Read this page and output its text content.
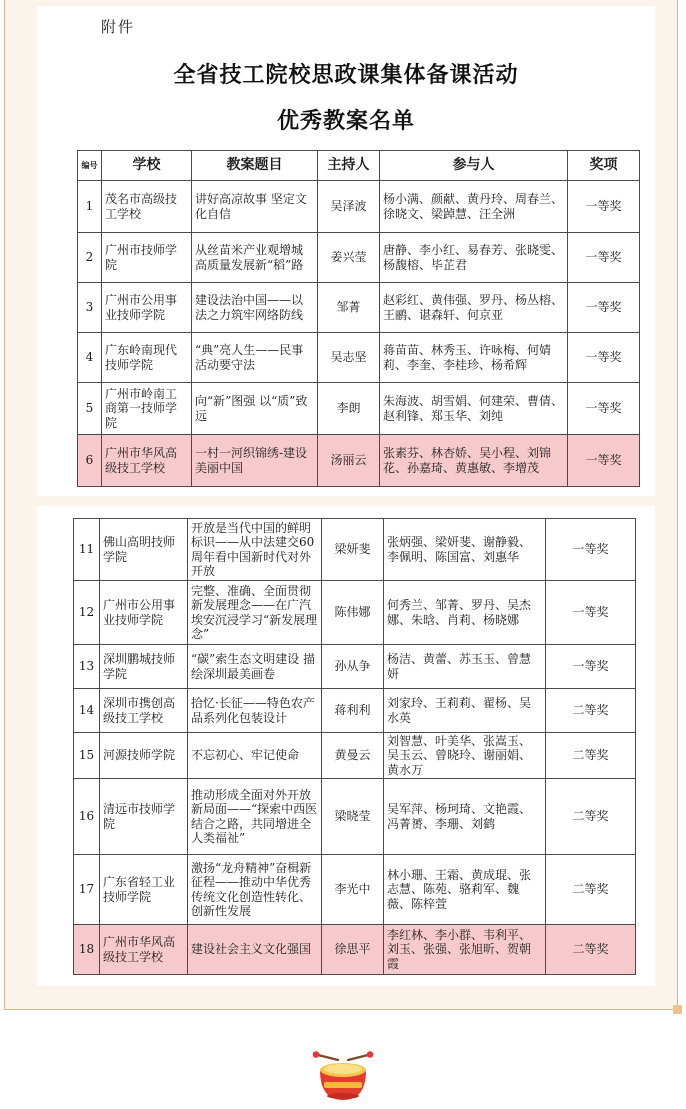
附件
全省技工院校思政课集体备课活动
优秀教案名单
编号	学校	教案题目	主持人	参与人	奖项
1	茂名市高级技工学校	讲好高凉故事 坚定文化自信	吴泽波	杨小满、颜献、黄丹玲、周春兰、徐晓文、梁踔慧、汪全洲	一等奖
2	广州市技师学院	从丝苗米产业观增城高质量发展新“稻”路	姜兴莹	唐静、李小红、易春芳、张晓雯、杨馥榕、毕芷君	一等奖
3	广州市公用事业技师学院	建设法治中国——以法之力筑牢网络防线	邹菁	赵彩红、黄伟强、罗丹、杨丛榕、王鹂、谌森轩、何京亚	一等奖
4	广东岭南现代技师学院	“典”亮人生——民事活动要守法	吴志坚	蒋苗苗、林秀玉、许咏梅、何婧莉、李奎、李桂珍、杨希辉	一等奖
5	广州市岭南工商第一技师学院	向“新”图强 以“质”致远	李朗	朱海波、胡雪娟、何建荣、曹倩、赵利锋、郑玉华、刘纯	一等奖
6	广州市华风高级技工学校	一村一河织锦绣-建设美丽中国	汤丽云	张素芬、林杏娇、吴小程、刘锦花、孙嘉琦、黄惠敏、李增茂	一等奖
11	佛山高明技师学院	开放是当代中国的鲜明标识——从中法建交60周年看中国新时代对外开放	梁妍斐	张炳强、梁妍斐、谢静毅、李佩明、陈国富、刘惠华	一等奖
12	广州市公用事业技师学院	完整、准确、全面贯彻新发展理念——在广汽埃安沉浸学习“新发展理念”	陈伟娜	何秀兰、邹菁、罗丹、吴杰娜、朱晗、肖莉、杨晓娜	一等奖
13	深圳鹏城技师学院	“碳”索生态文明建设 描绘深圳最美画卷	孙从争	杨洁、黄蕾、苏玉玉、曾慧妍	一等奖
14	深圳市携创高级技工学校	拾忆·长征——特色农产品系列化包装设计	蒋利利	刘家玲、王莉莉、翟杨、吴水英	二等奖
15	河源技师学院	不忘初心、牢记使命	黄曼云	刘智慧、叶美华、张嵩玉、吴玉云、曾晓玲、谢丽娟、黄水万	二等奖
16	清远市技师学院	推动形成全面对外开放新局面——“探索中西医结合之路，共同增进全人类福祉”	梁晓莹	吴军萍、杨珂琦、文艳霞、冯菁赟、李珊、刘鹤	二等奖
17	广东省轻工业技师学院	激扬“龙舟精神”奋楫新征程——推动中华优秀传统文化创造性转化、创新性发展	李光中	林小珊、王霜、黄成琨、张志慧、陈苑、骆莉军、魏薇、陈梓萱	二等奖
18	广州市华风高级技工学校	建设社会主义文化强国	徐思平	李红林、李小群、韦利平、刘玉、张强、张旭昕、贺朝霞	二等奖
